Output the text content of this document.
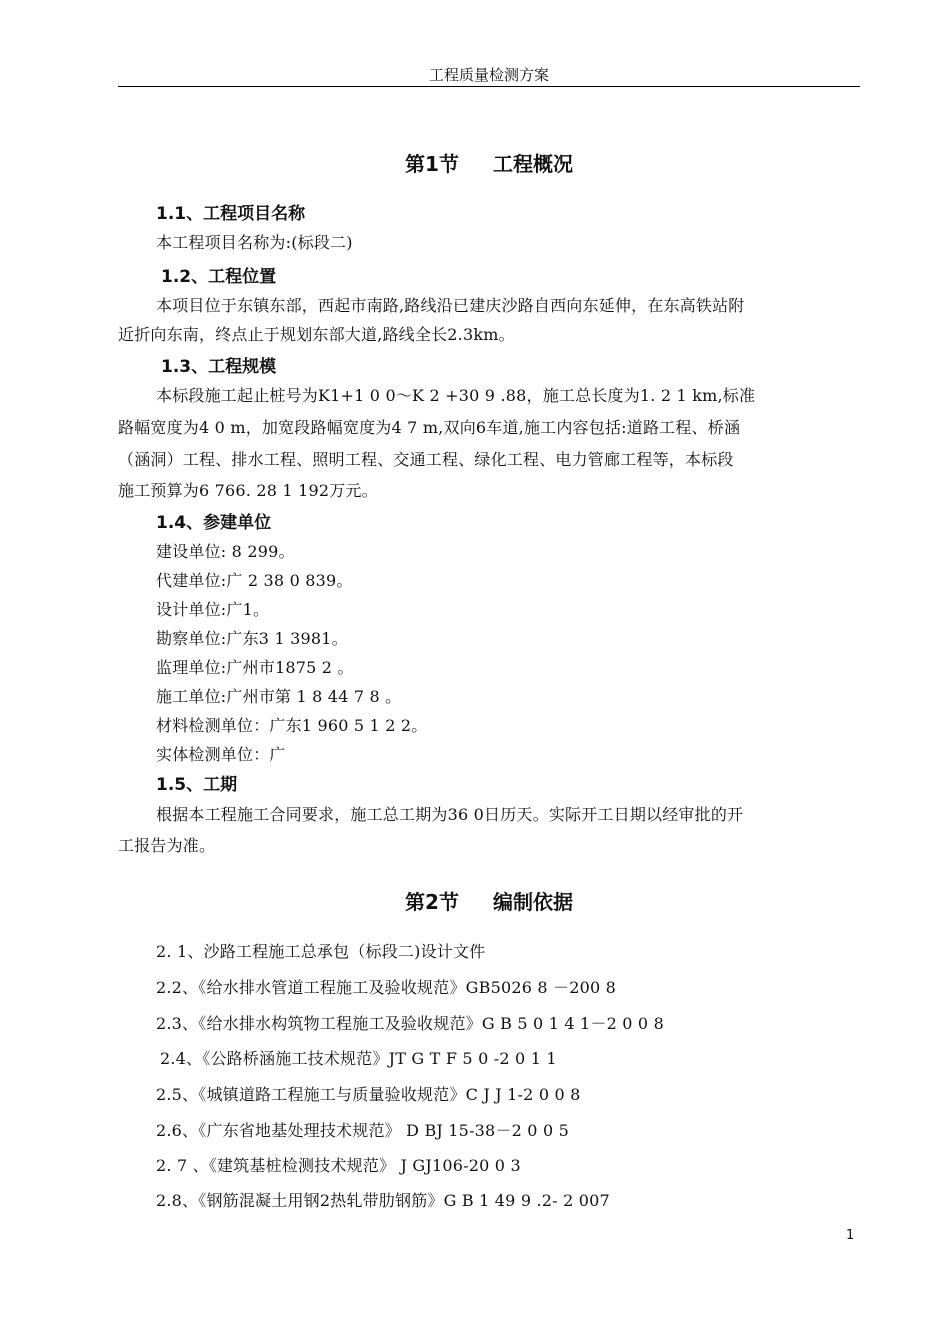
工程质量检测方案
第1节 工程概况
1.1、工程项目名称
本工程项目名称为:(标段二)
1.2、工程位置
本项目位于东镇东部，西起市南路,路线沿已建庆沙路自西向东延伸，在东高铁站附
近折向东南，终点止于规划东部大道,路线全长2.3km。
1.3、工程规模
本标段施工起止桩号为K1+1 0 0～K 2 +30 9 .88，施工总长度为1. 2 1 km,标准
路幅宽度为4 0 m，加宽段路幅宽度为4 7 m,双向6车道,施工内容包括:道路工程、桥涵
（涵洞）工程、排水工程、照明工程、交通工程、绿化工程、电力管廊工程等，本标段
施工预算为6 766. 28 1 192万元。
1.4、参建单位
建设单位: 8 299。
代建单位:广 2 38 0 839。
设计单位:广1。
勘察单位:广东3 1 3981。
监理单位:广州市1875 2 。
施工单位:广州市第 1 8 44 7 8 。
材料检测单位：广东1 960 5 1 2 2。
实体检测单位：广
1.5、工期
根据本工程施工合同要求，施工总工期为36 0日历天。实际开工日期以经审批的开
工报告为准。
第2节 编制依据
2. 1、沙路工程施工总承包（标段二)设计文件
2.2、《给水排水管道工程施工及验收规范》GB5026 8 －200 8
2.3、《给水排水构筑物工程施工及验收规范》G B 5 0 1 4 1－2 0 0 8
2.4、《公路桥涵施工技术规范》JT G T F 5 0 -2 0 1 1
2.5、《城镇道路工程施工与质量验收规范》C J J 1-2 0 0 8
2.6、《广东省地基处理技术规范》 D BJ 15-38－2 0 0 5
2. 7 、《建筑基桩检测技术规范》 J GJ106-20 0 3
2.8、《钢筋混凝土用钢2热轧带肋钢筋》G B 1 49 9 .2- 2 007
1
